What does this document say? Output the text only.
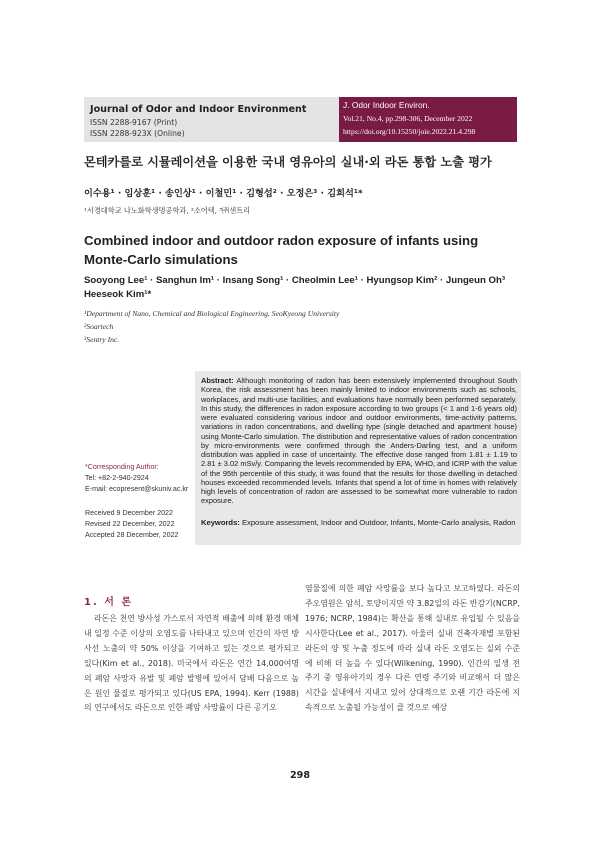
Journal of Odor and Indoor Environment
ISSN 2288-9167 (Print)
ISSN 2288-923X (Online)
J. Odor Indoor Environ.
Vol.21, No.4, pp.298-306, December 2022
https://doi.org/10.15250/joie.2022.21.4.298
몬테카를로 시뮬레이션을 이용한 국내 영유아의 실내·외 라돈 통합 노출 평가
이수용¹ · 임상훈¹ · 송인상¹ · 이철민¹ · 김형섭² · 오정은³ · 김희석¹*
¹서경대학교 나노화학생명공학과, ²소어텍, ³㈜센트리
Combined indoor and outdoor radon exposure of infants using Monte-Carlo simulations
Sooyong Lee¹ · Sanghun Im¹ · Insang Song¹ · Cheolmin Lee¹ · Hyungsop Kim² · Jungeun Oh³
Heeseok Kim¹*
¹Department of Nano, Chemical and Biological Engineering, SeoKyeong University
²Soartech
³Sentry Inc.
Abstract: Although monitoring of radon has been extensively implemented throughout South Korea, the risk assessment has been mainly limited to indoor environments such as schools, workplaces, and multi-use facilities, and evaluations have normally been performed separately. In this study, the differences in radon exposure according to two groups (< 1 and 1-6 years old) were evaluated considering various indoor and outdoor environments, time-activity patterns, variations in radon concentrations, and dwelling type (single detached and apartment house) using Monte-Carlo simulation. The distribution and representative values of radon concentration by micro-environments were confirmed through the Anders-Darling test, and a uniform distribution was applied in case of uncertainty. The effective dose ranged from 1.81 ± 1.19 to 2.81 ± 3.02 mSv/y. Comparing the levels recommended by EPA, WHO, and ICRP with the value of the 95th percentile of this study, it was found that the results for those dwelling in detached houses exceeded recommended levels. Infants that spend a lot of time in homes with relatively high levels of concentration of radon are assessed to be somewhat more vulnerable to radon exposure.
Keywords: Exposure assessment, Indoor and Outdoor, Infants, Monte-Carlo analysis, Radon
*Corresponding Author:
Tel: +82-2-940-2924
E-mail: ecopresent@skuniv.ac.kr
Received 9 December 2022
Revised 22 December, 2022
Accepted 28 December, 2022
1. 서 론
라돈은 천연 방사성 가스로서 자연적 배출에 의해 환경 매체 내 일정 수준 이상의 오염도를 나타내고 있으며 인간의 자연 방사선 노출의 약 50% 이상을 기여하고 있는 것으로 평가되고 있다(Kim et al., 2018). 미국에서 라돈은 연간 14,000여명의 폐암 사망자 유발 및 폐암 발병에 있어서 담배 다음으로 높은 원인 물질로 평가되고 있다(US EPA, 1994). Kerr (1988)의 연구에서도 라돈으로 인한 폐암 사망률이 다른 공기오
염물질에 의한 폐암 사망률을 보다 높다고 보고하였다. 라돈의 주오염원은 암석, 토양이지만 약 3.82일의 라돈 반감기(NCRP, 1976; NCRP, 1984)는 확산을 통해 실내로 유입될 수 있음을 시사한다(Lee et al., 2017). 아울러 실내 건축자재별 포함된 라돈의 양 및 누출 정도에 따라 실내 라돈 오염도는 실외 수준에 비해 더 높을 수 있다(Wilkening, 1990). 인간의 일생 전 주기 중 영유아기의 경우 다른 연령 주기와 비교해서 더 많은 시간을 실내에서 지내고 있어 상대적으로 오랜 기간 라돈에 지속적으로 노출될 가능성이 클 것으로 예상
298
